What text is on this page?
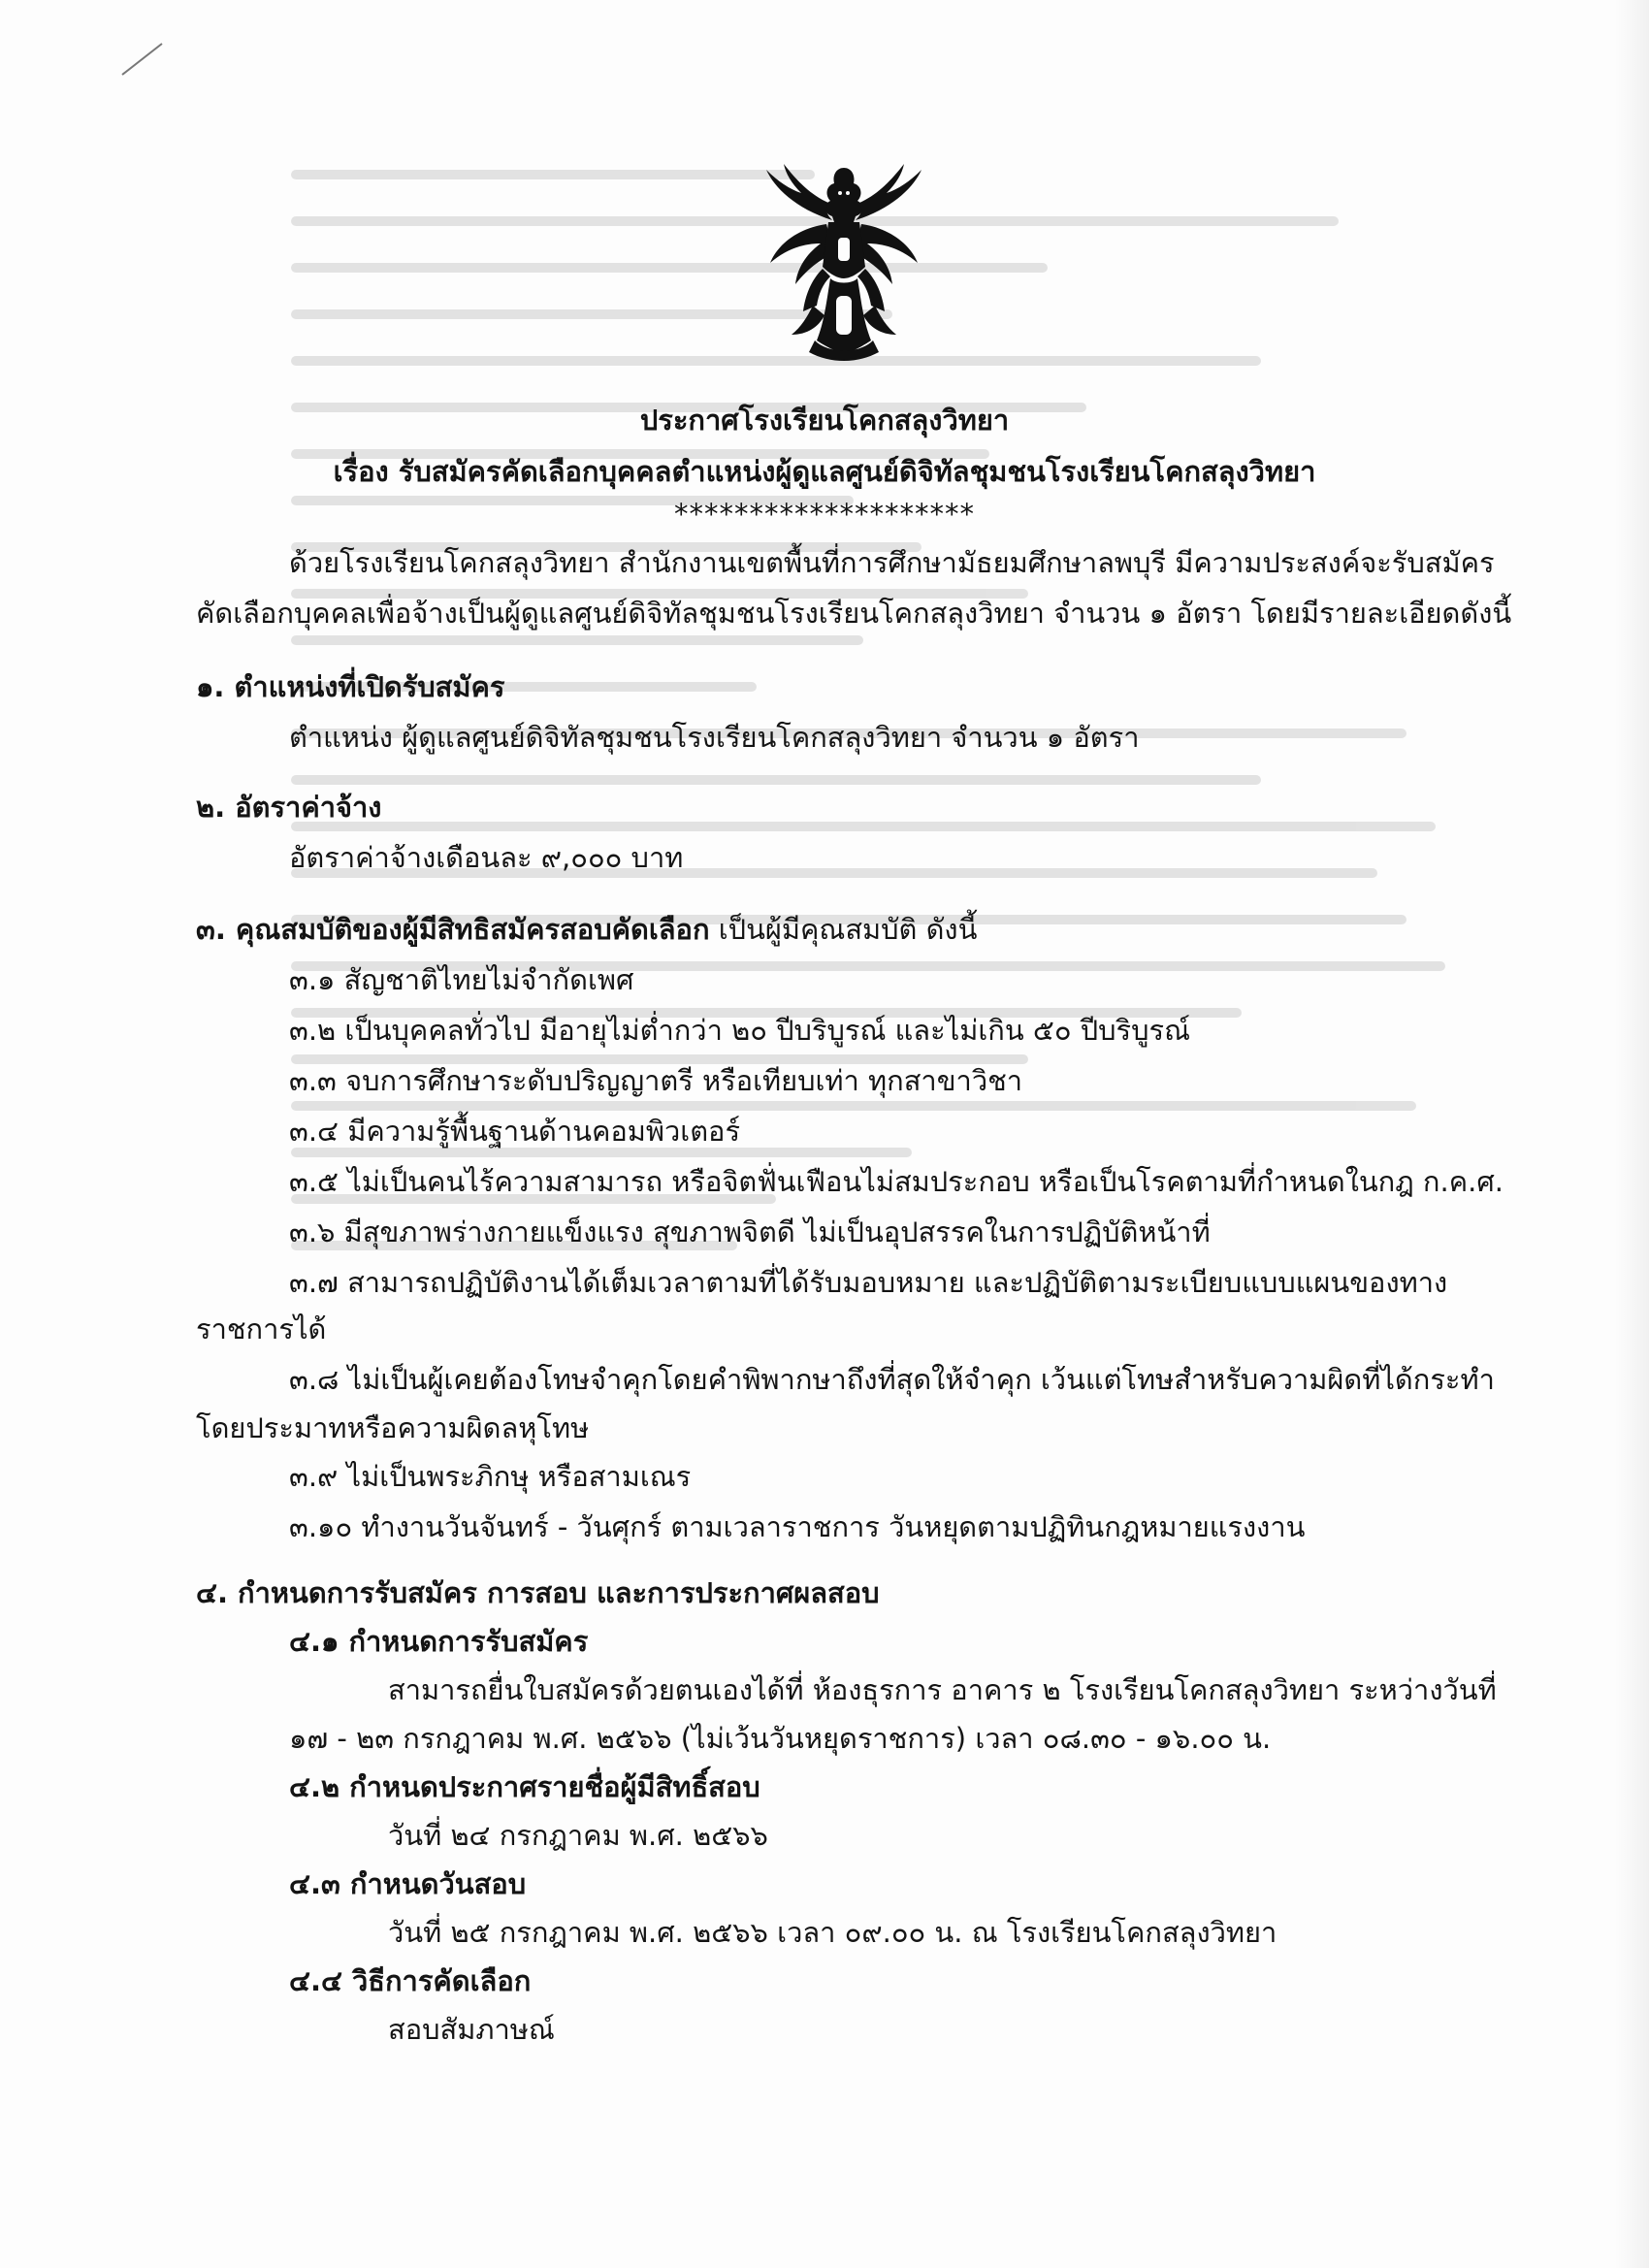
ประกาศโรงเรียนโคกสลุงวิทยา
เรื่อง รับสมัครคัดเลือกบุคคลตำแหน่งผู้ดูแลศูนย์ดิจิทัลชุมชนโรงเรียนโคกสลุงวิทยา
********************
ด้วยโรงเรียนโคกสลุงวิทยา สำนักงานเขตพื้นที่การศึกษามัธยมศึกษาลพบุรี มีความประสงค์จะรับสมัคร
คัดเลือกบุคคลเพื่อจ้างเป็นผู้ดูแลศูนย์ดิจิทัลชุมชนโรงเรียนโคกสลุงวิทยา จำนวน ๑ อัตรา โดยมีรายละเอียดดังนี้
๑. ตำแหน่งที่เปิดรับสมัคร
ตำแหน่ง ผู้ดูแลศูนย์ดิจิทัลชุมชนโรงเรียนโคกสลุงวิทยา จำนวน ๑ อัตรา
๒. อัตราค่าจ้าง
อัตราค่าจ้างเดือนละ ๙,๐๐๐ บาท
๓. คุณสมบัติของผู้มีสิทธิสมัครสอบคัดเลือก เป็นผู้มีคุณสมบัติ ดังนี้
๓.๑ สัญชาติไทยไม่จำกัดเพศ
๓.๒ เป็นบุคคลทั่วไป มีอายุไม่ต่ำกว่า ๒๐ ปีบริบูรณ์ และไม่เกิน ๕๐ ปีบริบูรณ์
๓.๓ จบการศึกษาระดับปริญญาตรี หรือเทียบเท่า ทุกสาขาวิชา
๓.๔ มีความรู้พื้นฐานด้านคอมพิวเตอร์
๓.๕ ไม่เป็นคนไร้ความสามารถ หรือจิตฟั่นเฟือนไม่สมประกอบ หรือเป็นโรคตามที่กำหนดในกฎ ก.ค.ศ.
๓.๖ มีสุขภาพร่างกายแข็งแรง สุขภาพจิตดี ไม่เป็นอุปสรรคในการปฏิบัติหน้าที่
๓.๗ สามารถปฏิบัติงานได้เต็มเวลาตามที่ได้รับมอบหมาย และปฏิบัติตามระเบียบแบบแผนของทาง
ราชการได้
๓.๘ ไม่เป็นผู้เคยต้องโทษจำคุกโดยคำพิพากษาถึงที่สุดให้จำคุก เว้นแต่โทษสำหรับความผิดที่ได้กระทำ
โดยประมาทหรือความผิดลหุโทษ
๓.๙ ไม่เป็นพระภิกษุ หรือสามเณร
๓.๑๐ ทำงานวันจันทร์ - วันศุกร์ ตามเวลาราชการ วันหยุดตามปฏิทินกฎหมายแรงงาน
๔. กำหนดการรับสมัคร การสอบ และการประกาศผลสอบ
๔.๑ กำหนดการรับสมัคร
สามารถยื่นใบสมัครด้วยตนเองได้ที่ ห้องธุรการ อาคาร ๒ โรงเรียนโคกสลุงวิทยา ระหว่างวันที่
๑๗ - ๒๓ กรกฎาคม พ.ศ. ๒๕๖๖ (ไม่เว้นวันหยุดราชการ) เวลา ๐๘.๓๐ - ๑๖.๐๐ น.
๔.๒ กำหนดประกาศรายชื่อผู้มีสิทธิ์สอบ
วันที่ ๒๔ กรกฎาคม พ.ศ. ๒๕๖๖
๔.๓ กำหนดวันสอบ
วันที่ ๒๕ กรกฎาคม พ.ศ. ๒๕๖๖ เวลา ๐๙.๐๐ น. ณ โรงเรียนโคกสลุงวิทยา
๔.๔ วิธีการคัดเลือก
สอบสัมภาษณ์
